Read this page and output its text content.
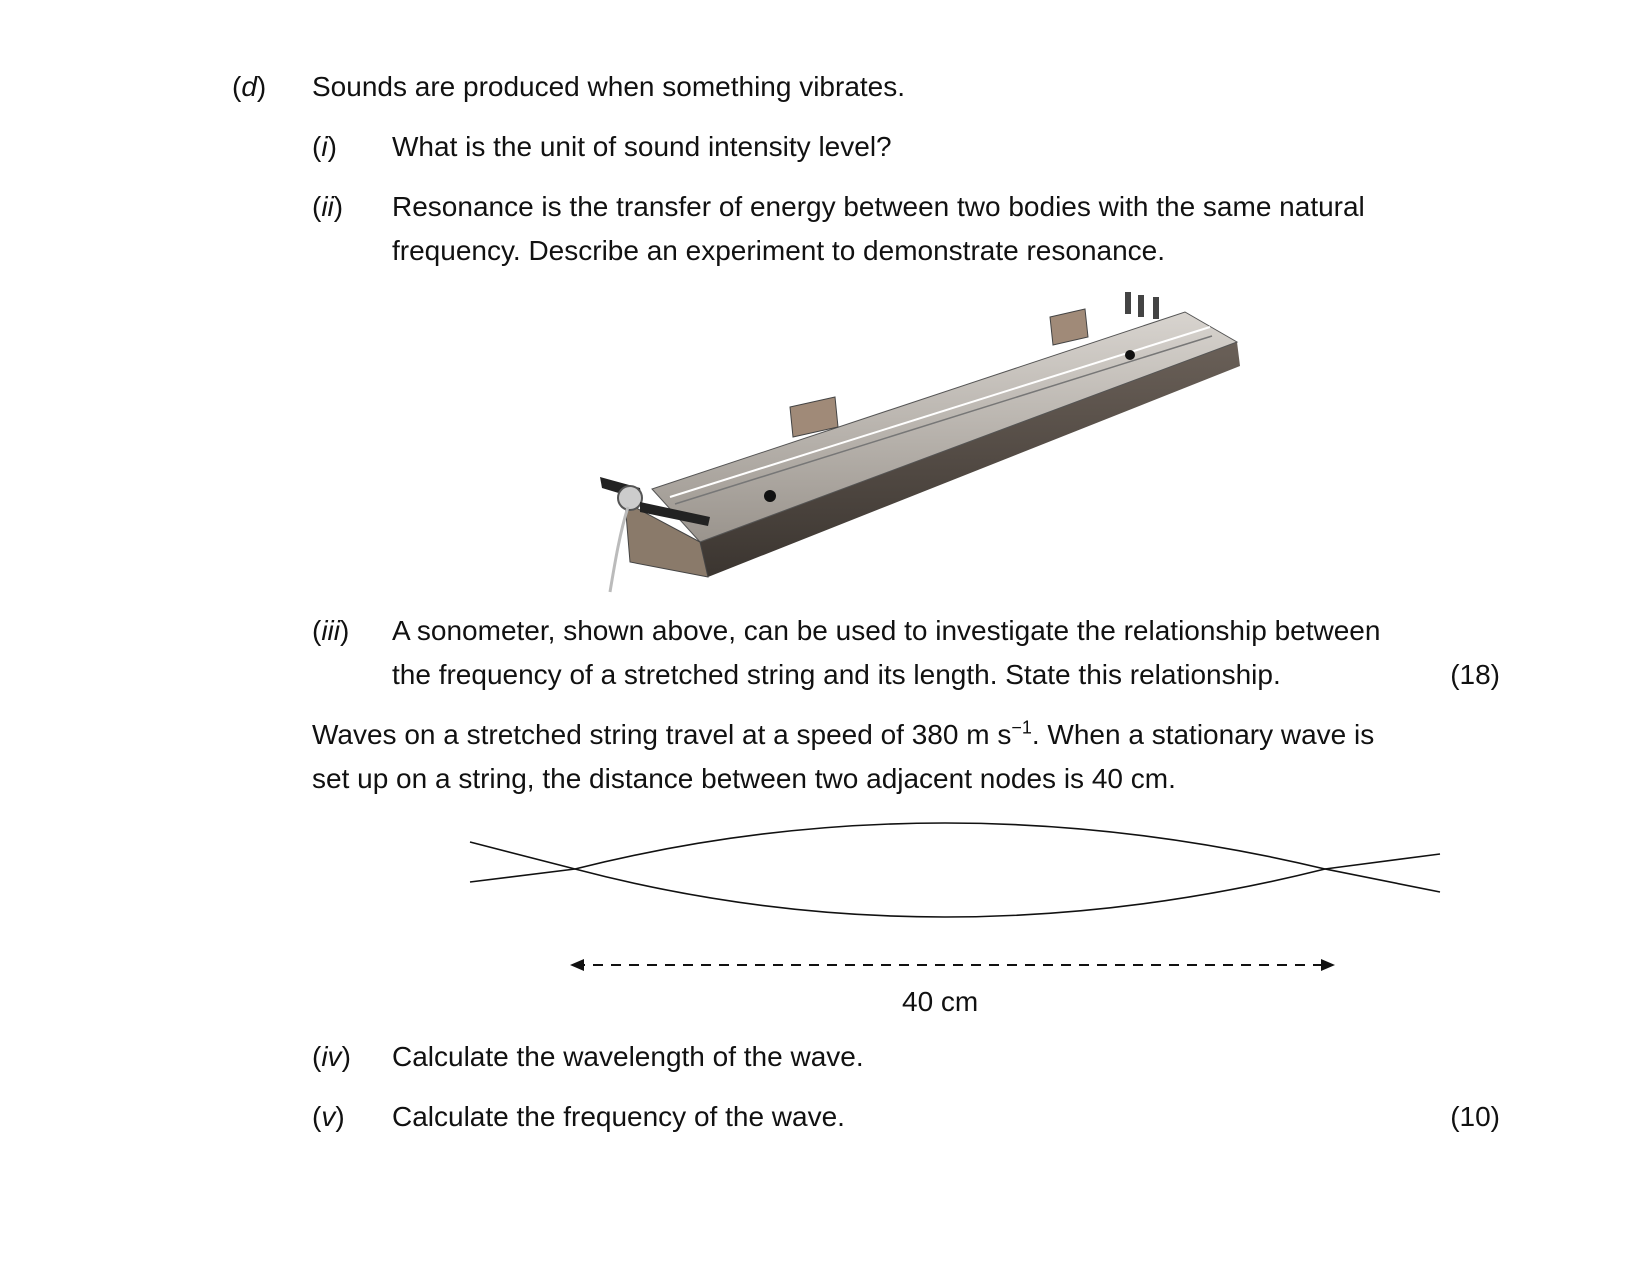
(d) Sounds are produced when something vibrates.
(i) What is the unit of sound intensity level?
(ii) Resonance is the transfer of energy between two bodies with the same natural
frequency. Describe an experiment to demonstrate resonance.
(iii) A sonometer, shown above, can be used to investigate the relationship between
the frequency of a stretched string and its length. State this relationship.	(18)
Waves on a stretched string travel at a speed of 380 m $s^{-1}$. When a stationary wave is
set up on a string, the distance between two adjacent nodes is 40 cm.
40 cm
(iv) Calculate the wavelength of the wave.
(v) Calculate the frequency of the wave.	(10)
